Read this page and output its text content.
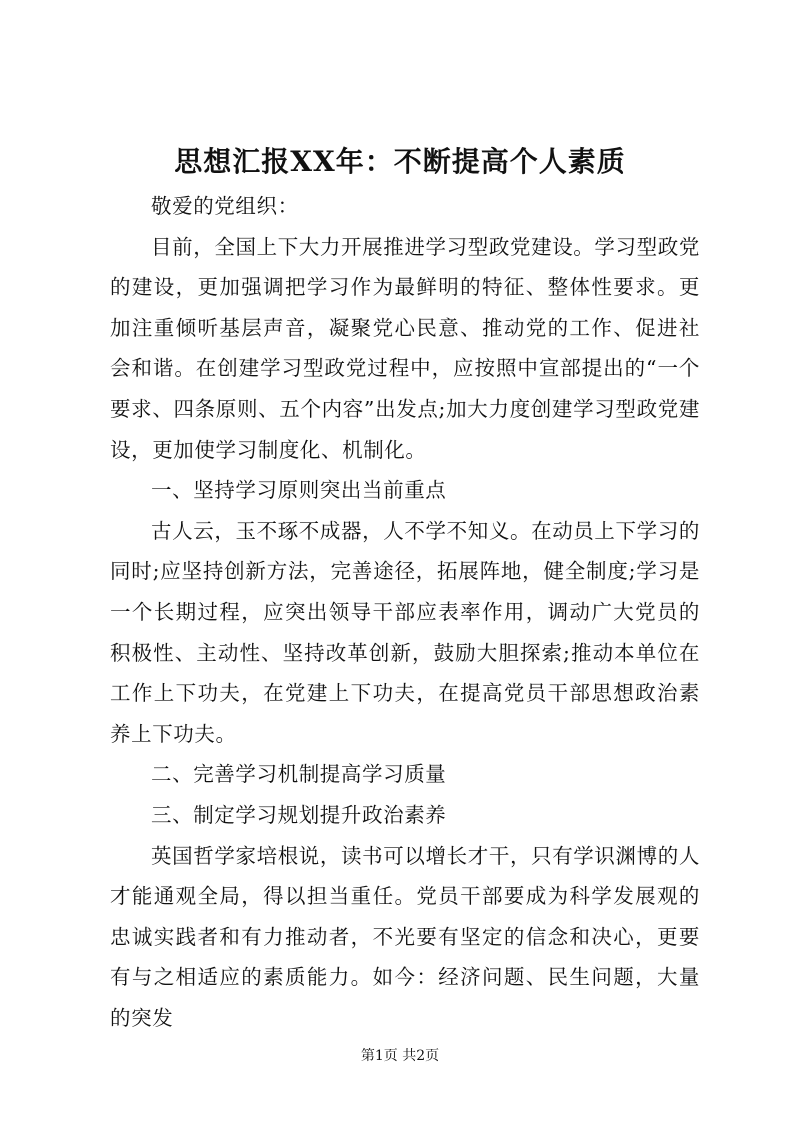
思想汇报XX年：不断提高个人素质

敬爱的党组织：

目前，全国上下大力开展推进学习型政党建设。学习型政党的建设，更加强调把学习作为最鲜明的特征、整体性要求。更加注重倾听基层声音，凝聚党心民意、推动党的工作、促进社会和谐。在创建学习型政党过程中，应按照中宣部提出的“一个要求、四条原则、五个内容”出发点;加大力度创建学习型政党建设，更加使学习制度化、机制化。

一、坚持学习原则突出当前重点

古人云，玉不琢不成器，人不学不知义。在动员上下学习的同时;应坚持创新方法，完善途径，拓展阵地，健全制度;学习是一个长期过程，应突出领导干部应表率作用，调动广大党员的积极性、主动性、坚持改革创新，鼓励大胆探索;推动本单位在工作上下功夫，在党建上下功夫，在提高党员干部思想政治素养上下功夫。

二、完善学习机制提高学习质量

三、制定学习规划提升政治素养

英国哲学家培根说，读书可以增长才干，只有学识渊博的人才能通观全局，得以担当重任。党员干部要成为科学发展观的忠诚实践者和有力推动者，不光要有坚定的信念和决心，更要有与之相适应的素质能力。如今：经济问题、民生问题，大量的突发

第1页 共2页
